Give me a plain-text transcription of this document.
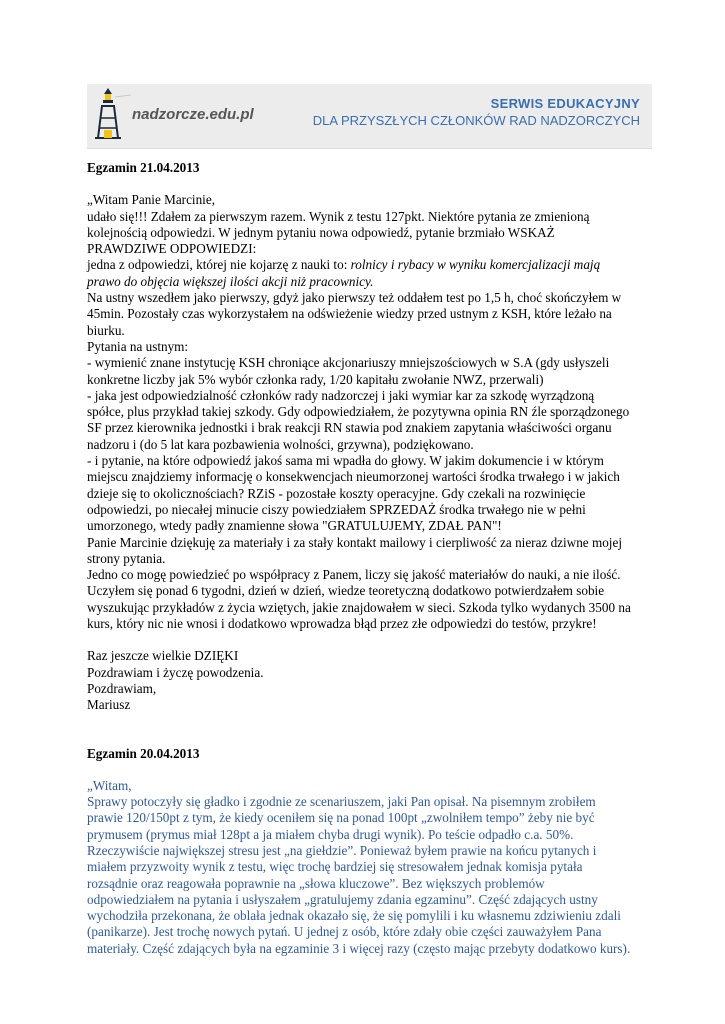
nadzorcze.edu.pl
SERWIS EDUKACYJNY
DLA PRZYSZŁYCH CZŁONKÓW RAD NADZORCZYCH

Egzamin 21.04.2013

„Witam Panie Marcinie,

udało się!!! Zdałem za pierwszym razem. Wynik z testu 127pkt. Niektóre pytania ze zmienioną kolejnością odpowiedzi. W jednym pytaniu nowa odpowiedź, pytanie brzmiało WSKAŻ PRAWDZIWE ODPOWIEDZI:

jedna z odpowiedzi, której nie kojarzę z nauki to: rolnicy i rybacy w wyniku komercjalizacji mają prawo do objęcia większej ilości akcji niż pracownicy.

Na ustny wszedłem jako pierwszy, gdyż jako pierwszy też oddałem test po 1,5 h, choć skończyłem w 45min. Pozostały czas wykorzystałem na odświeżenie wiedzy przed ustnym z KSH, które leżało na biurku.

Pytania na ustnym:

- wymienić znane instytucję KSH chroniące akcjonariuszy mniejszościowych w S.A (gdy usłyszeli konkretne liczby jak 5% wybór członka rady, 1/20 kapitału zwołanie NWZ, przerwali)

- jaka jest odpowiedzialność członków rady nadzorczej i jaki wymiar kar za szkodę wyrządzoną spółce, plus przykład takiej szkody. Gdy odpowiedziałem, że pozytywna opinia RN źle sporządzonego SF przez kierownika jednostki i brak reakcji RN stawia pod znakiem zapytania właściwości organu nadzoru i (do 5 lat kara pozbawienia wolności, grzywna), podziękowano.

- i pytanie, na które odpowiedź jakoś sama mi wpadła do głowy. W jakim dokumencie i w którym miejscu znajdziemy informację o konsekwencjach nieumorzonej wartości środka trwałego i w jakich dzieje się to okolicznościach? RZiS - pozostałe koszty operacyjne. Gdy czekali na rozwinięcie odpowiedzi, po niecałej minucie ciszy powiedziałem SPRZEDAŻ środka trwałego nie w pełni umorzonego, wtedy padły znamienne słowa "GRATULUJEMY, ZDAŁ PAN"!

Panie Marcinie dziękuję za materiały i za stały kontakt mailowy i cierpliwość za nieraz dziwne mojej strony pytania.

Jedno co mogę powiedzieć po współpracy z Panem, liczy się jakość materiałów do nauki, a nie ilość. Uczyłem się ponad 6 tygodni, dzień w dzień, wiedze teoretyczną dodatkowo potwierdzałem sobie wyszukując przykładów z życia wziętych, jakie znajdowałem w sieci. Szkoda tylko wydanych 3500 na kurs, który nic nie wnosi i dodatkowo wprowadza błąd przez złe odpowiedzi do testów, przykre!

Raz jeszcze wielkie DZIĘKI

Pozdrawiam i życzę powodzenia.

Pozdrawiam,

Mariusz

Egzamin 20.04.2013

„Witam,

Sprawy potoczyły się gładko i zgodnie ze scenariuszem, jaki Pan opisał. Na pisemnym zrobiłem prawie 120/150pt z tym, że kiedy oceniłem się na ponad 100pt „zwolniłem tempo” żeby nie być prymusem (prymus miał 128pt a ja miałem chyba drugi wynik). Po teście odpadło c.a. 50%. Rzeczywiście największej stresu jest „na giełdzie”. Ponieważ byłem prawie na końcu pytanych i miałem przyzwoity wynik z testu, więc trochę bardziej się stresowałem jednak komisja pytała rozsądnie oraz reagowała poprawnie na „słowa kluczowe”. Bez większych problemów odpowiedziałem na pytania i usłyszałem „gratulujemy zdania egzaminu”. Część zdających ustny wychodziła przekonana, że oblała jednak okazało się, że się pomylili i ku własnemu zdziwieniu zdali (panikarze). Jest trochę nowych pytań. U jednej z osób, które zdały obie części zauważyłem Pana materiały. Część zdających była na egzaminie 3 i więcej razy (często mając przebyty dodatkowo kurs).
